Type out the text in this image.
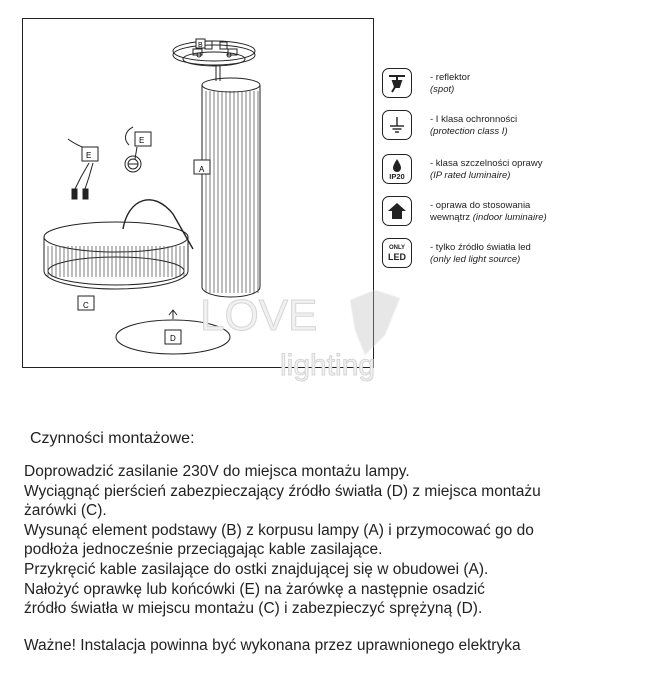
B
A
C
D
E
E
LOVE
lighting
- reflektor
(spot)
- I klasa ochronności
(protection class I)
IP20
- klasa szczelności oprawy
(IP rated luminaire)
- oprawa do stosowania
wewnątrz (indoor luminaire)
ONLY
LED
- tylko źródło światła led
(only led light source)
Czynności montażowe:
Doprowadzić zasilanie 230V do miejsca montażu lampy.
Wyciągnąć pierścień zabezpieczający źródło światła (D) z miejsca montażu
żarówki (C).
Wysunąć element podstawy (B) z korpusu lampy (A) i przymocować go do
podłoża jednocześnie przeciągając kable zasilające.
Przykręcić kable zasilające do ostki znajdującej się w obudowei (A).
Nałożyć oprawkę lub końcówki (E) na żarówkę a następnie osadzić
źródło światła w miejscu montażu (C) i zabezpieczyć sprężyną (D).
Ważne! Instalacja powinna być wykonana przez uprawnionego elektryka
